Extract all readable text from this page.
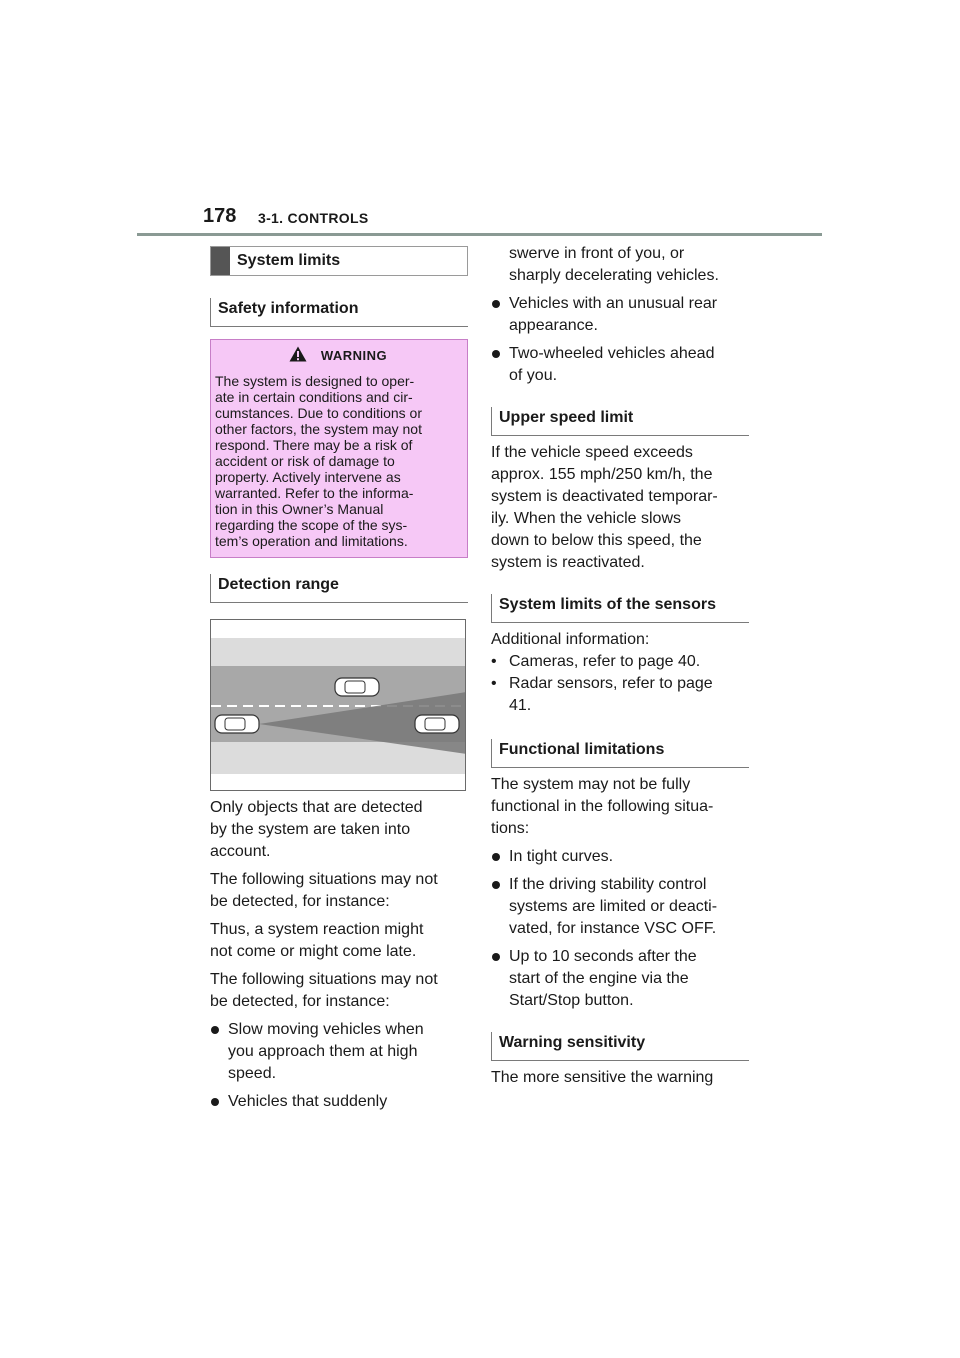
178 3-1. CONTROLS
System limits
Safety information
WARNING
The system is designed to oper-
ate in certain conditions and cir-
cumstances. Due to conditions or
other factors, the system may not
respond. There may be a risk of
accident or risk of damage to
property. Actively intervene as
warranted. Refer to the informa-
tion in this Owner’s Manual
regarding the scope of the sys-
tem’s operation and limitations.
Detection range

Only objects that are detected
by the system are taken into
account.

The following situations may not
be detected, for instance:

Thus, a system reaction might
not come or might come late.

The following situations may not
be detected, for instance:

Slow moving vehicles when
you approach them at high
speed.
Vehicles that suddenly
swerve in front of you, or
sharply decelerating vehicles.
Vehicles with an unusual rear
appearance.
Two-wheeled vehicles ahead
of you.
Upper speed limit

If the vehicle speed exceeds
approx. 155 mph/250 km/h, the
system is deactivated temporar-
ily. When the vehicle slows
down to below this speed, the
system is reactivated.

System limits of the sensors

Additional information:

• Cameras, refer to page 40.
• Radar sensors, refer to page
41.
Functional limitations

The system may not be fully
functional in the following situa-
tions:

In tight curves.
If the driving stability control
systems are limited or deacti-
vated, for instance VSC OFF.
Up to 10 seconds after the
start of the engine via the
Start/Stop button.
Warning sensitivity

The more sensitive the warning
